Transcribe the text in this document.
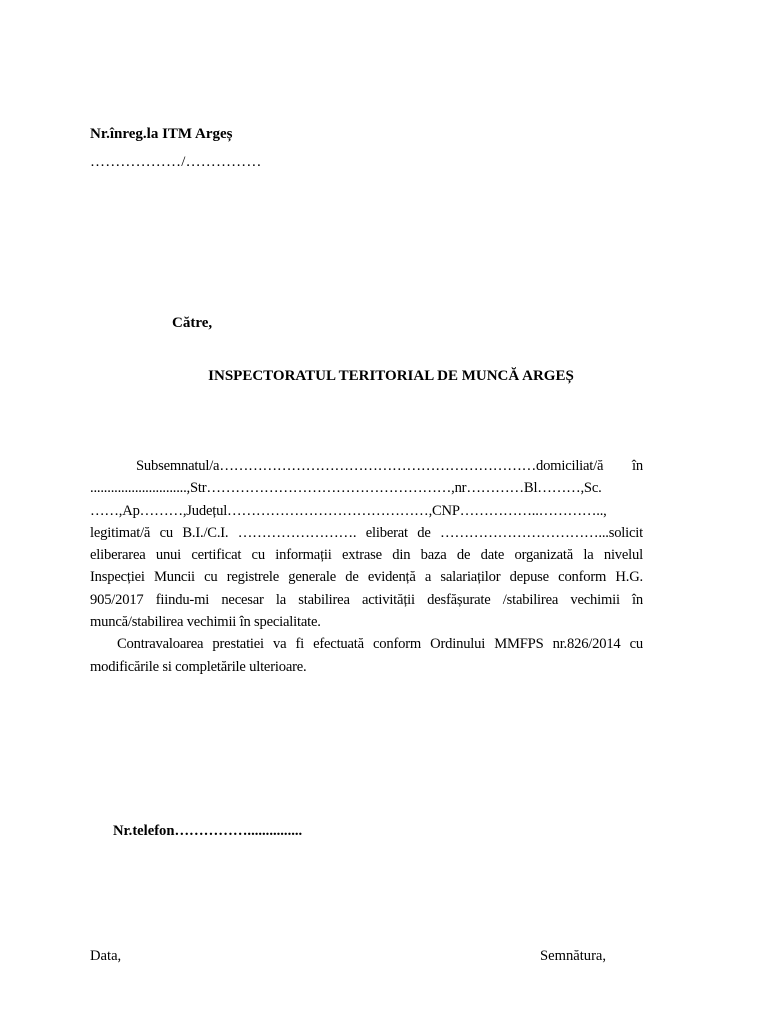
Nr.înreg.la ITM Argeș
………………/……………
Către,
INSPECTORATUL TERITORIAL DE MUNCĂ ARGEȘ
Subsemnatul/a…………………………………………………………domiciliat/ă în
............................,Str……………………………………………,nr…………Bl………,Sc.
……,Ap………,Județul……………………………………,CNP……………..…………..,
legitimat/ă cu B.I./C.I. ……………………. eliberat de ……………………………...solicit
eliberarea unui certificat cu informații extrase din baza de date organizată la nivelul
Inspecției Muncii cu registrele generale de evidență a salariaților depuse conform H.G.
905/2017 fiindu-mi necesar la stabilirea activității desfășurate /stabilirea vechimii în
muncă/stabilirea vechimii în specialitate.
Contravaloarea prestatiei va fi efectuată conform Ordinului MMFPS nr.826/2014 cu
modificările si completările ulterioare.
Nr.telefon……………...............
Data,	Semnătura,
